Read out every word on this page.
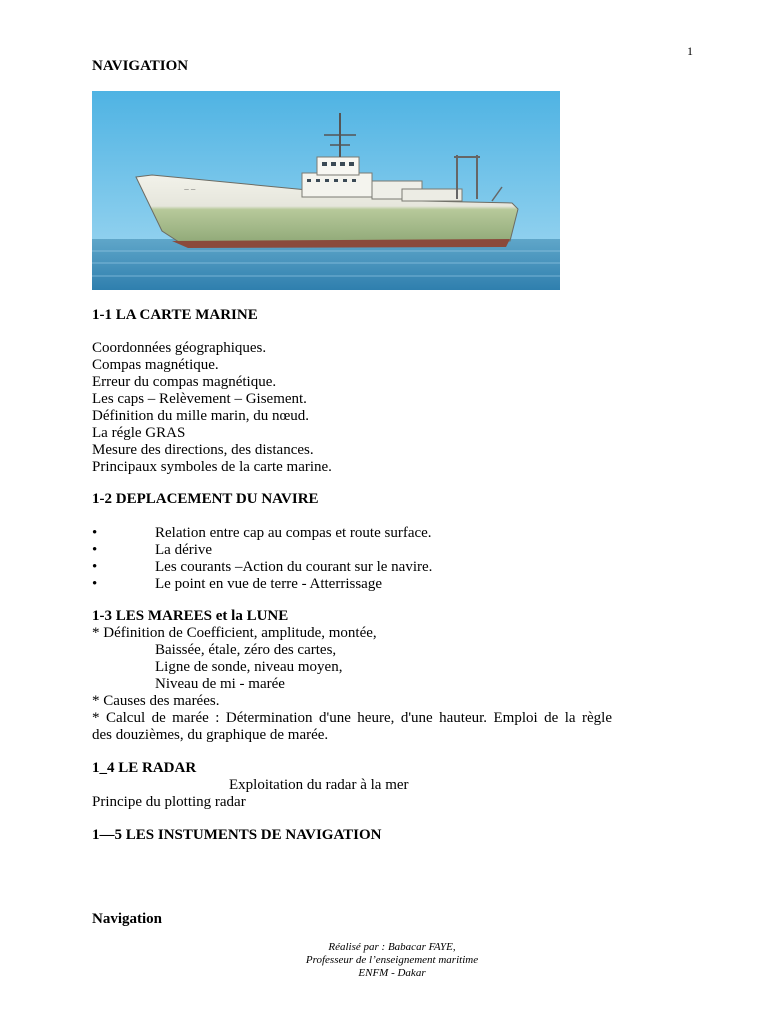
1
NAVIGATION
— —
1-1 LA CARTE MARINE
Coordonnées géographiques.
Compas magnétique.
Erreur du compas magnétique.
Les caps – Relèvement – Gisement.
Définition du mille marin, du nœud.
La régle GRAS
Mesure des directions, des distances.
Principaux symboles de la carte marine.
1-2 DEPLACEMENT DU NAVIRE
•	Relation entre cap au compas et route surface.
•	La dérive
•	Les courants –Action du courant sur le navire.
•	Le point en vue de terre - Atterrissage
1-3 LES MAREES et la LUNE
* Définition de Coefficient, amplitude, montée,
Baissée, étale, zéro des cartes,
Ligne de sonde, niveau moyen,
Niveau de mi - marée
* Causes des marées.
* Calcul de marée : Détermination d'une heure, d'une hauteur. Emploi de la règle
des douzièmes, du graphique de marée.
1_4 LE RADAR
Exploitation du radar à la mer
Principe du plotting radar
1—5 LES INSTUMENTS DE NAVIGATION
Navigation
Réalisé par : Babacar FAYE,
Professeur de l’enseignement maritime
ENFM - Dakar
